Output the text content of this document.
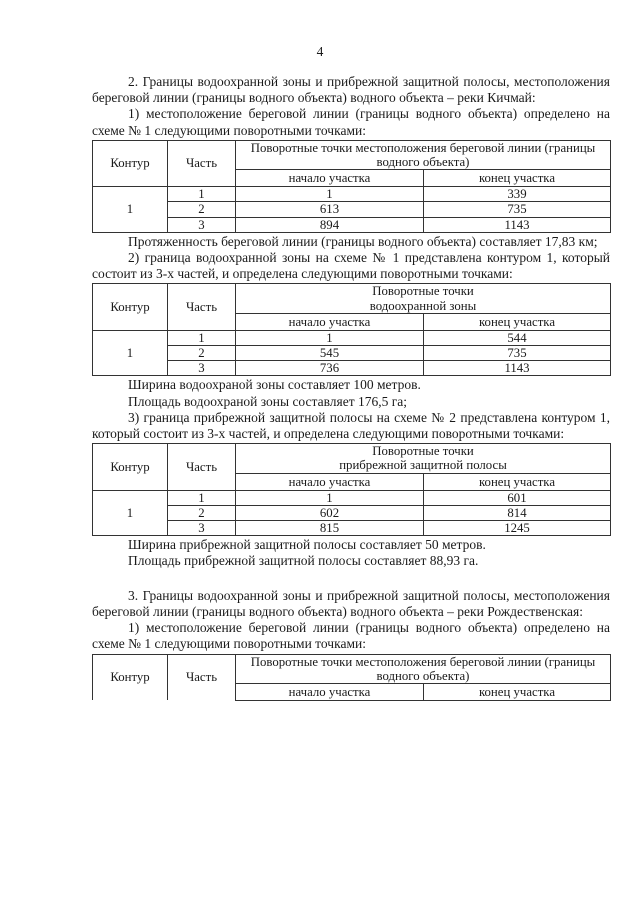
4

2. Границы водоохранной зоны и прибрежной защитной полосы, местоположения береговой линии (границы водного объекта) водного объекта – реки Кичмай:

1) местоположение береговой линии (границы водного объекта) определено на схеме № 1 следующими поворотными точками:

Контур	Часть	Поворотные точки местоположения береговой линии (границы водного объекта)	

		начало участка	конец участка
1	1	1	339
	2	613	735
	3	894	1143

Протяженность береговой линии (границы водного объекта) составляет 17,83 км;

2) граница водоохранной зоны на схеме № 1 представлена контуром 1, который состоит из 3-х частей, и определена следующими поворотными точками:

Контур	Часть	Поворотные точки
водоохранной зоны	

		начало участка	конец участка
1	1	1	544
	2	545	735
	3	736	1143

Ширина водоохраной зоны составляет 100 метров.

Площадь водоохраной зоны составляет 176,5 га;

3) граница прибрежной защитной полосы на схеме № 2 представлена контуром 1, который состоит из 3-х частей, и определена следующими поворотными точками:

Контур	Часть	Поворотные точки
прибрежной защитной полосы	

		начало участка	конец участка
1	1	1	601
	2	602	814
	3	815	1245

Ширина прибрежной защитной полосы составляет 50 метров.

Площадь прибрежной защитной полосы составляет 88,93 га.

3. Границы водоохранной зоны и прибрежной защитной полосы, местоположения береговой линии (границы водного объекта) водного объекта – реки Рождественская:

1) местоположение береговой линии (границы водного объекта) определено на схеме № 1 следующими поворотными точками:

Контур	Часть	Поворотные точки местоположения береговой линии (границы водного объекта)	

		начало участка	конец участка
